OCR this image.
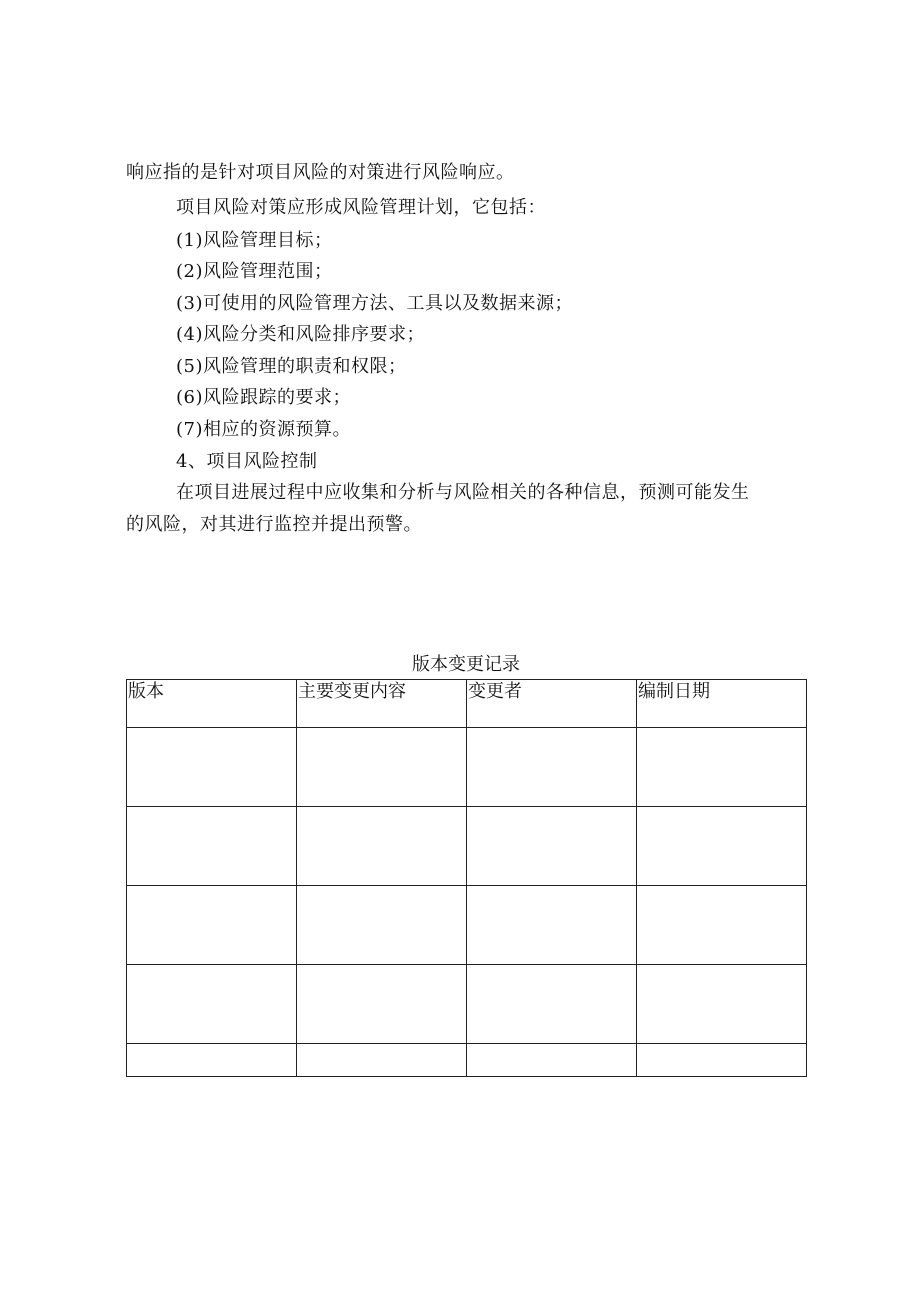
响应指的是针对项目风险的对策进行风险响应。
项目风险对策应形成风险管理计划，它包括：
(1)风险管理目标；
(2)风险管理范围；
(3)可使用的风险管理方法、工具以及数据来源；
(4)风险分类和风险排序要求；
(5)风险管理的职责和权限；
(6)风险跟踪的要求；
(7)相应的资源预算。
4、项目风险控制
在项目进展过程中应收集和分析与风险相关的各种信息，预测可能发生
的风险，对其进行监控并提出预警。
版本变更记录
版本	主要变更内容	变更者	编制日期
